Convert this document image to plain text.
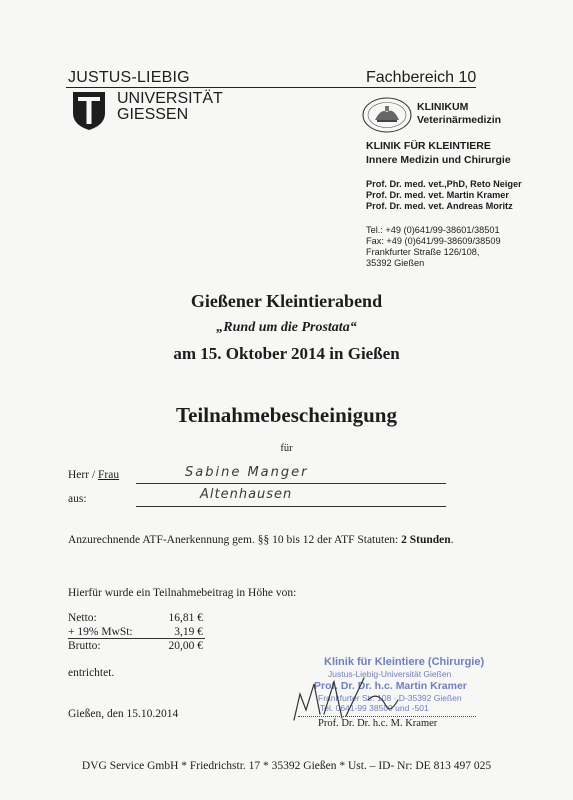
JUSTUS-LIEBIG	Fachbereich 10
UNIVERSITÄT
GIESSEN	KLINIKUM
Veterinärmedizin
KLINIK FÜR KLEINTIERE
Innere Medizin und Chirurgie
Prof. Dr. med. vet.,PhD, Reto Neiger
Prof. Dr. med. vet. Martin Kramer
Prof. Dr. med. vet. Andreas Moritz
Tel.: +49 (0)641/99-38601/38501
Fax: +49 (0)641/99-38609/38509
Frankfurter Straße 126/108,
35392 Gießen
Gießener Kleintierabend
„Rund um die Prostata“
am 15. Oktober 2014 in Gießen
Teilnahmebescheinigung
für
Herr / Frau	Sabine Manger
aus:	Altenhausen
Anzurechnende ATF-Anerkennung gem. §§ 10 bis 12 der ATF Statuten: 2 Stunden.
Hierfür wurde ein Teilnahmebeitrag in Höhe von:
Netto:	16,81 €
+ 19% MwSt:	3,19 €
Brutto:	20,00 €
entrichtet.
Gießen, den 15.10.2014
Klinik für Kleintiere (Chirurgie)
Justus-Liebig-Universität Gießen
Prof. Dr. Dr. h.c. Martin Kramer
Frankfurter Str. 108 · D-35392 Gießen
Tel. 0641-99 38500 und -501
Prof. Dr. Dr. h.c. M. Kramer
DVG Service GmbH * Friedrichstr. 17 * 35392 Gießen * Ust. – ID- Nr: DE 813 497 025
